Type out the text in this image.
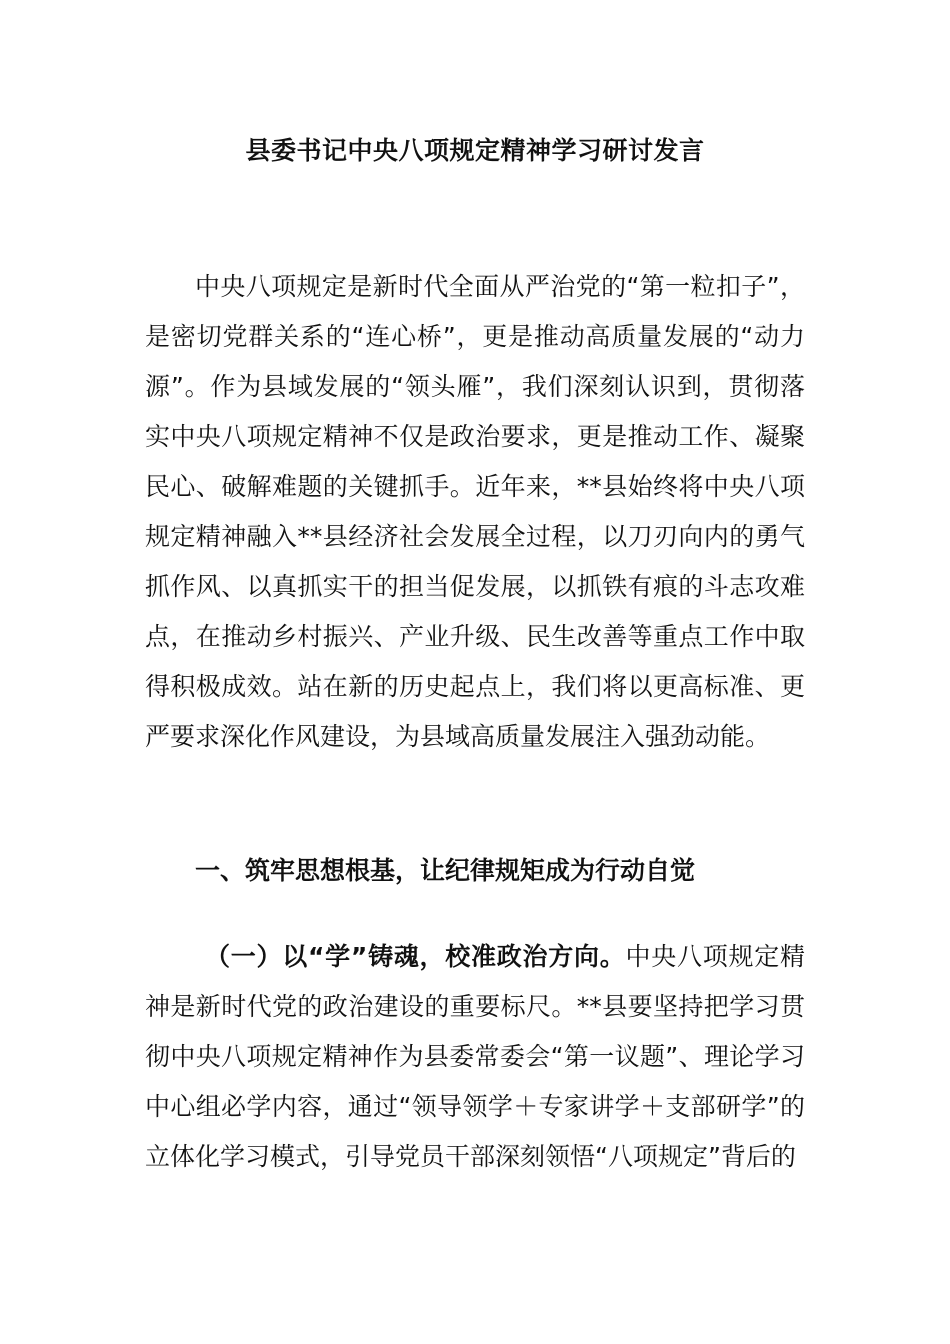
县委书记中央八项规定精神学习研讨发言

中央八项规定是新时代全面从严治党的“第一粒扣子”，是密切党群关系的“连心桥”，更是推动高质量发展的“动力源”。作为县域发展的“领头雁”，我们深刻认识到，贯彻落实中央八项规定精神不仅是政治要求，更是推动工作、凝聚民心、破解难题的关键抓手。近年来，**县始终将中央八项规定精神融入**县经济社会发展全过程，以刀刃向内的勇气抓作风、以真抓实干的担当促发展，以抓铁有痕的斗志攻难点，在推动乡村振兴、产业升级、民生改善等重点工作中取得积极成效。站在新的历史起点上，我们将以更高标准、更严要求深化作风建设，为县域高质量发展注入强劲动能。

一、筑牢思想根基，让纪律规矩成为行动自觉

（一）以“学”铸魂，校准政治方向。中央八项规定精神是新时代党的政治建设的重要标尺。**县要坚持把学习贯彻中央八项规定精神作为县委常委会“第一议题”、理论学习中心组必学内容，通过“领导领学＋专家讲学＋支部研学”的立体化学习模式，引导党员干部深刻领悟“八项规定”背后的
